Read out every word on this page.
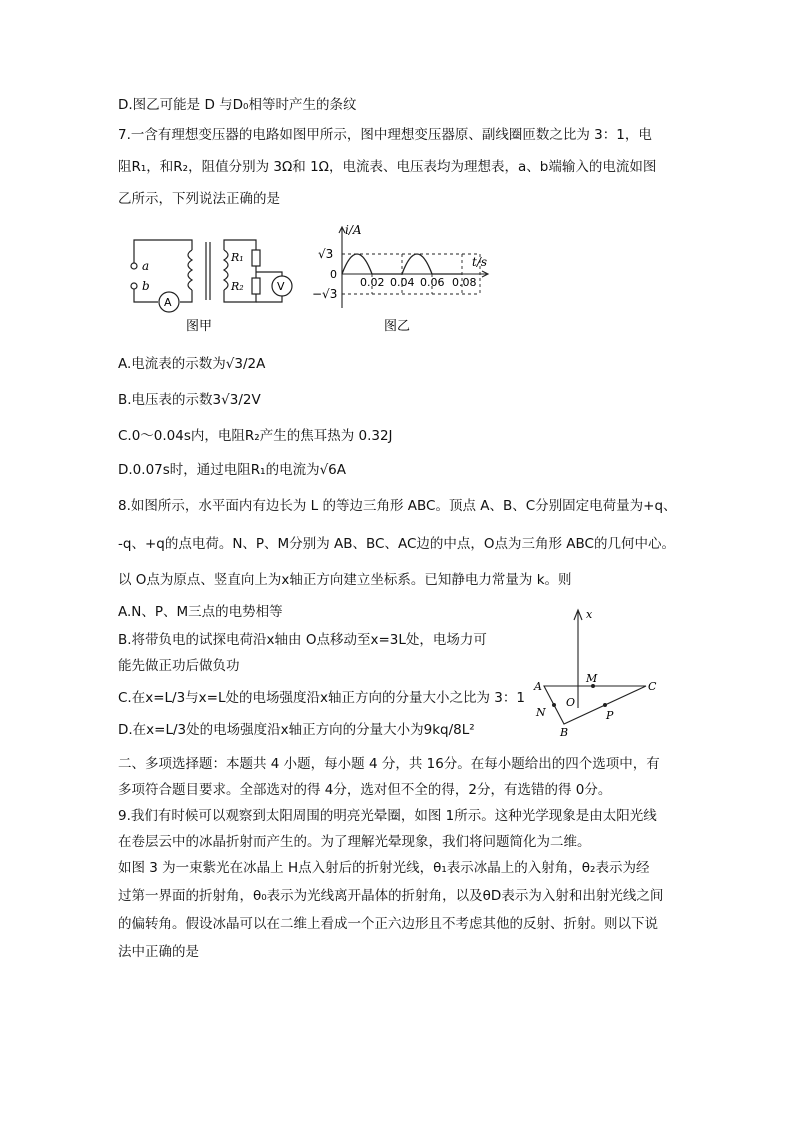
D.图乙可能是 D 与D₀相等时产生的条纹
7.一含有理想变压器的电路如图甲所示，图中理想变压器原、副线圈匝数之比为 3：1，电
阻R₁，和R₂，阻值分别为 3Ω和 1Ω，电流表、电压表均为理想表，a、b端输入的电流如图
乙所示，下列说法正确的是
a
b
A
R₁
R₂	V
图甲
i/A
t/s
√3
0
−√3
0.02 0.04 0.06 0.08
图乙
A.电流表的示数为√3/2A
B.电压表的示数3√3/2V
C.0～0.04s内，电阻R₂产生的焦耳热为 0.32J
D.0.07s时，通过电阻R₁的电流为√6A
8.如图所示，水平面内有边长为 L 的等边三角形 ABC。顶点 A、B、C分别固定电荷量为+q、
-q、+q的点电荷。N、P、M分别为 AB、BC、AC边的中点，O点为三角形 ABC的几何中心。
以 O点为原点、竖直向上为x轴正方向建立坐标系。已知静电力常量为 k。则
A.N、P、M三点的电势相等
B.将带负电的试探电荷沿x轴由 O点移动至x=3L处，电场力可
能先做正功后做负功
C.在x=L/3与x=L处的电场强度沿x轴正方向的分量大小之比为 3：1
D.在x=L/3处的电场强度沿x轴正方向的分量大小为9kq/8L²
x
A	C
B
M
O
N	P
二、多项选择题：本题共 4 小题，每小题 4 分，共 16分。在每小题给出的四个选项中，有
多项符合题目要求。全部选对的得 4分，选对但不全的得，2分，有选错的得 0分。
9.我们有时候可以观察到太阳周围的明亮光晕圈，如图 1所示。这种光学现象是由太阳光线
在卷层云中的冰晶折射而产生的。为了理解光晕现象，我们将问题简化为二维。
如图 3 为一束紫光在冰晶上 H点入射后的折射光线，θ₁表示冰晶上的入射角，θ₂表示为经
过第一界面的折射角，θ₀表示为光线离开晶体的折射角，以及θD表示为入射和出射光线之间
的偏转角。假设冰晶可以在二维上看成一个正六边形且不考虑其他的反射、折射。则以下说
法中正确的是
